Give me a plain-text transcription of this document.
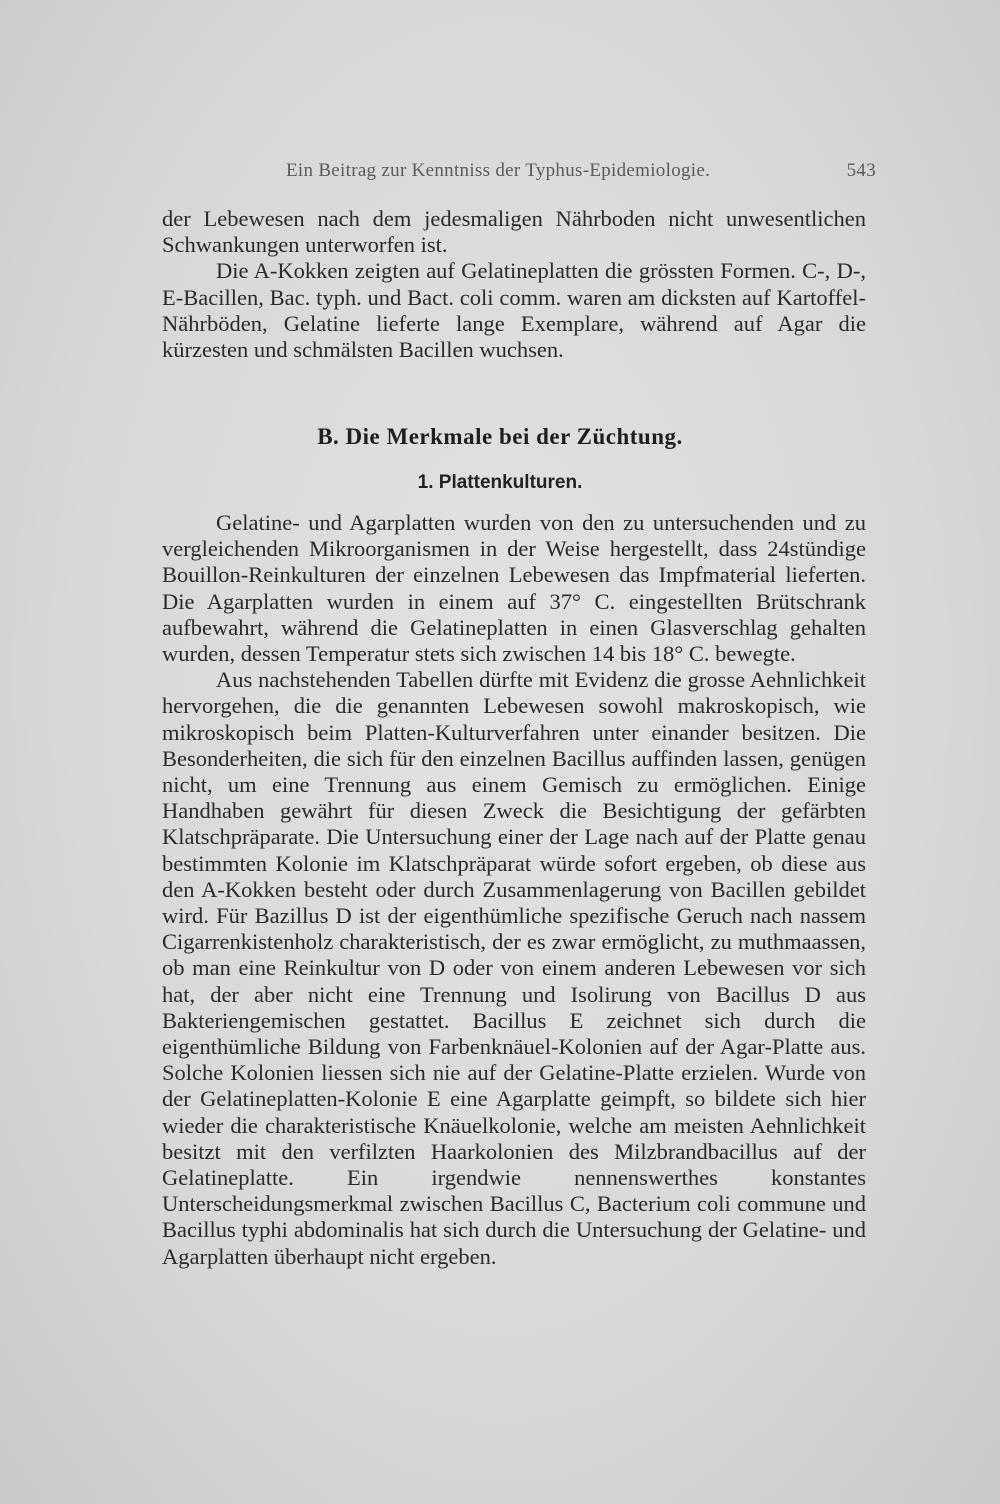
Ein Beitrag zur Kenntniss der Typhus-Epidemiologie.	543

der Lebewesen nach dem jedesmaligen Nährboden nicht unwesentlichen Schwankungen unterworfen ist.

Die A-Kokken zeigten auf Gelatineplatten die grössten Formen. C-, D-, E-Bacillen, Bac. typh. und Bact. coli comm. waren am dicksten auf Kartoffel-Nährböden, Gelatine lieferte lange Exemplare, während auf Agar die kürzesten und schmälsten Bacillen wuchsen.

B. Die Merkmale bei der Züchtung.
1. Plattenkulturen.

Gelatine- und Agarplatten wurden von den zu untersuchenden und zu vergleichenden Mikroorganismen in der Weise hergestellt, dass 24stündige Bouillon-Reinkulturen der einzelnen Lebewesen das Impfmaterial lieferten. Die Agarplatten wurden in einem auf 37° C. eingestellten Brütschrank aufbewahrt, während die Gelatineplatten in einen Glasverschlag gehalten wurden, dessen Temperatur stets sich zwischen 14 bis 18° C. bewegte.

Aus nachstehenden Tabellen dürfte mit Evidenz die grosse Aehnlichkeit hervorgehen, die die genannten Lebewesen sowohl makroskopisch, wie mikroskopisch beim Platten-Kulturverfahren unter einander besitzen. Die Besonderheiten, die sich für den einzelnen Bacillus auffinden lassen, genügen nicht, um eine Trennung aus einem Gemisch zu ermöglichen. Einige Handhaben gewährt für diesen Zweck die Besichtigung der gefärbten Klatschpräparate. Die Untersuchung einer der Lage nach auf der Platte genau bestimmten Kolonie im Klatschpräparat würde sofort ergeben, ob diese aus den A-Kokken besteht oder durch Zusammenlagerung von Bacillen gebildet wird. Für Bazillus D ist der eigenthümliche spezifische Geruch nach nassem Cigarrenkistenholz charakteristisch, der es zwar ermöglicht, zu muthmaassen, ob man eine Reinkultur von D oder von einem anderen Lebewesen vor sich hat, der aber nicht eine Trennung und Isolirung von Bacillus D aus Bakteriengemischen gestattet. Bacillus E zeichnet sich durch die eigenthümliche Bildung von Farbenknäuel-Kolonien auf der Agar-Platte aus. Solche Kolonien liessen sich nie auf der Gelatine-Platte erzielen. Wurde von der Gelatineplatten-Kolonie E eine Agarplatte geimpft, so bildete sich hier wieder die charakteristische Knäuelkolonie, welche am meisten Aehnlichkeit besitzt mit den verfilzten Haarkolonien des Milzbrandbacillus auf der Gelatineplatte. Ein irgendwie nennenswerthes konstantes Unterscheidungsmerkmal zwischen Bacillus C, Bacterium coli commune und Bacillus typhi abdominalis hat sich durch die Untersuchung der Gelatine- und Agarplatten überhaupt nicht ergeben.
